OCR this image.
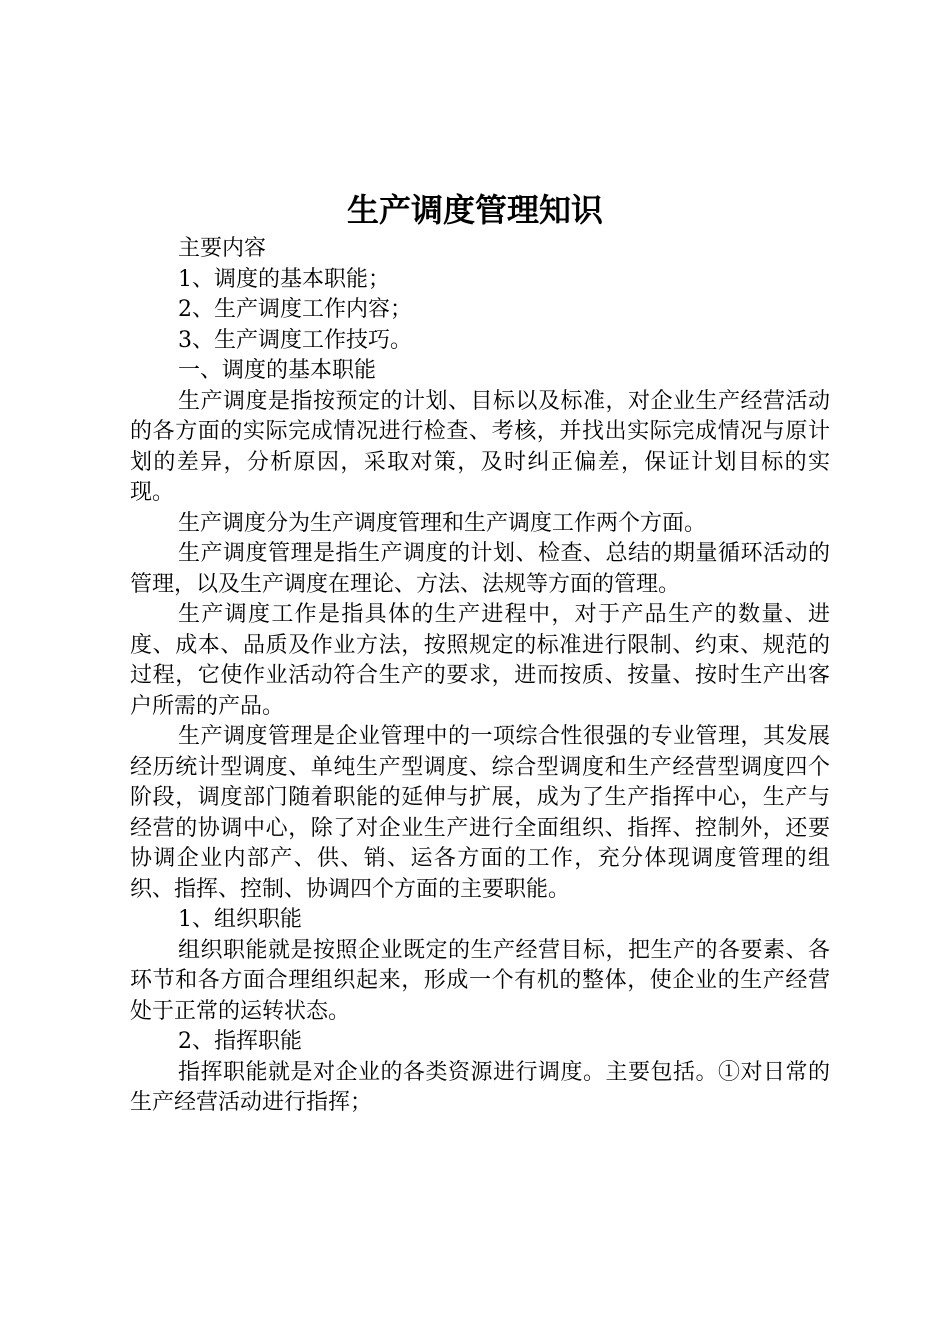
生产调度管理知识

主要内容

1、调度的基本职能；

2、生产调度工作内容；

3、生产调度工作技巧。

一、调度的基本职能

生产调度是指按预定的计划、目标以及标准，对企业生产经营活动的各方面的实际完成情况进行检查、考核，并找出实际完成情况与原计划的差异，分析原因，采取对策，及时纠正偏差，保证计划目标的实现。

生产调度分为生产调度管理和生产调度工作两个方面。

生产调度管理是指生产调度的计划、检查、总结的期量循环活动的管理，以及生产调度在理论、方法、法规等方面的管理。

生产调度工作是指具体的生产进程中，对于产品生产的数量、进度、成本、品质及作业方法，按照规定的标准进行限制、约束、规范的过程，它使作业活动符合生产的要求，进而按质、按量、按时生产出客户所需的产品。

生产调度管理是企业管理中的一项综合性很强的专业管理，其发展经历统计型调度、单纯生产型调度、综合型调度和生产经营型调度四个阶段，调度部门随着职能的延伸与扩展，成为了生产指挥中心，生产与经营的协调中心，除了对企业生产进行全面组织、指挥、控制外，还要协调企业内部产、供、销、运各方面的工作，充分体现调度管理的组织、指挥、控制、协调四个方面的主要职能。

1、组织职能

组织职能就是按照企业既定的生产经营目标，把生产的各要素、各环节和各方面合理组织起来，形成一个有机的整体，使企业的生产经营处于正常的运转状态。

2、指挥职能

指挥职能就是对企业的各类资源进行调度。主要包括。①对日常的生产经营活动进行指挥；
